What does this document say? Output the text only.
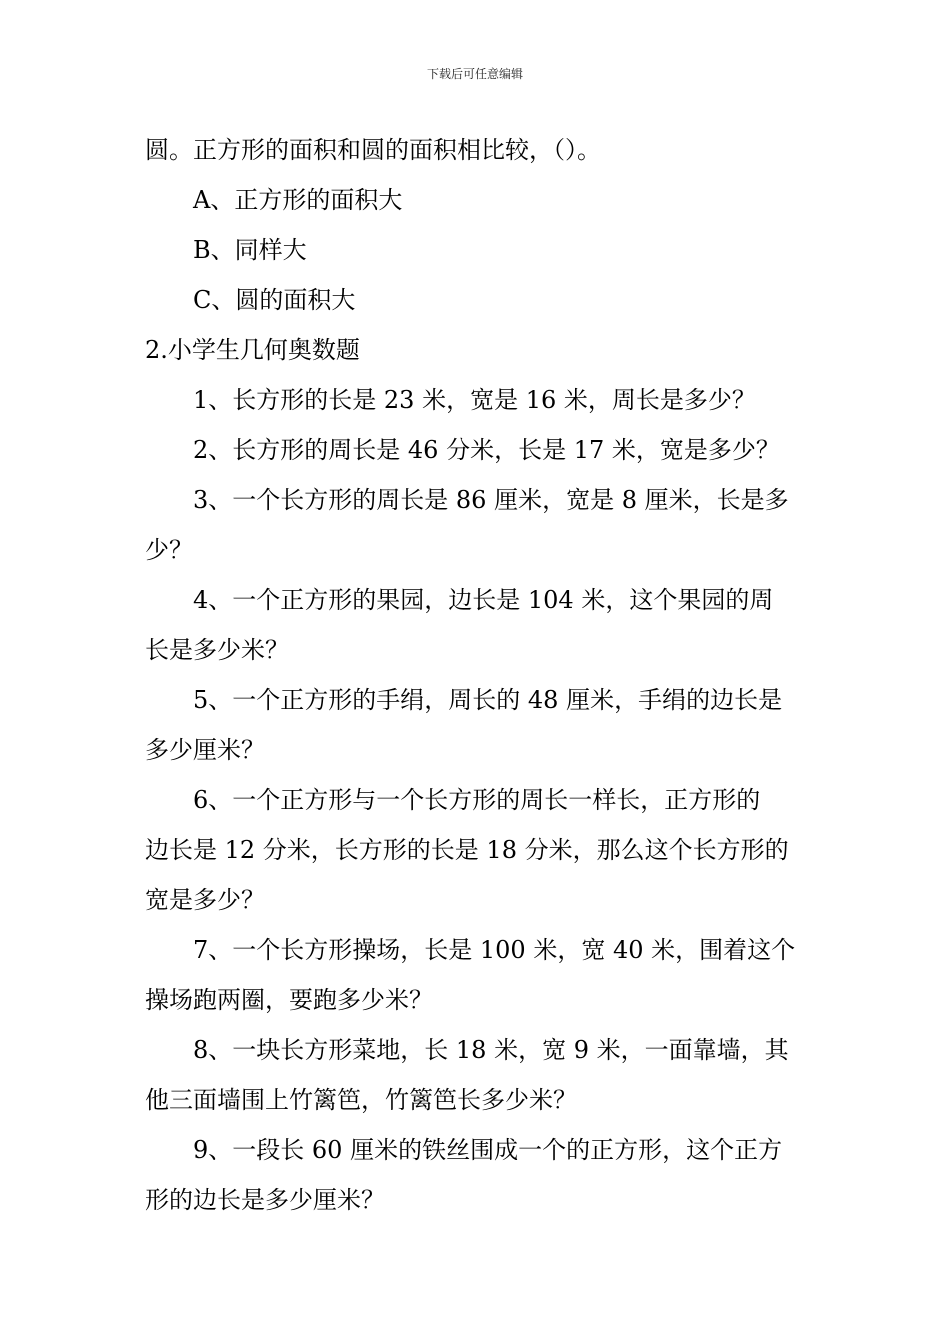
下载后可任意编辑
圆。正方形的面积和圆的面积相比较，（）。
A、正方形的面积大
B、同样大
C、圆的面积大
2.小学生几何奥数题
1、长方形的长是 23 米，宽是 16 米，周长是多少？
2、长方形的周长是 46 分米，长是 17 米，宽是多少？
3、一个长方形的周长是 86 厘米，宽是 8 厘米，长是多
少？
4、一个正方形的果园，边长是 104 米，这个果园的周
长是多少米？
5、一个正方形的手绢，周长的 48 厘米，手绢的边长是
多少厘米？
6、一个正方形与一个长方形的周长一样长，正方形的
边长是 12 分米，长方形的长是 18 分米，那么这个长方形的
宽是多少？
7、一个长方形操场，长是 100 米，宽 40 米，围着这个
操场跑两圈，要跑多少米？
8、一块长方形菜地，长 18 米，宽 9 米，一面靠墙，其
他三面墙围上竹篱笆，竹篱笆长多少米？
9、一段长 60 厘米的铁丝围成一个的正方形，这个正方
形的边长是多少厘米？
